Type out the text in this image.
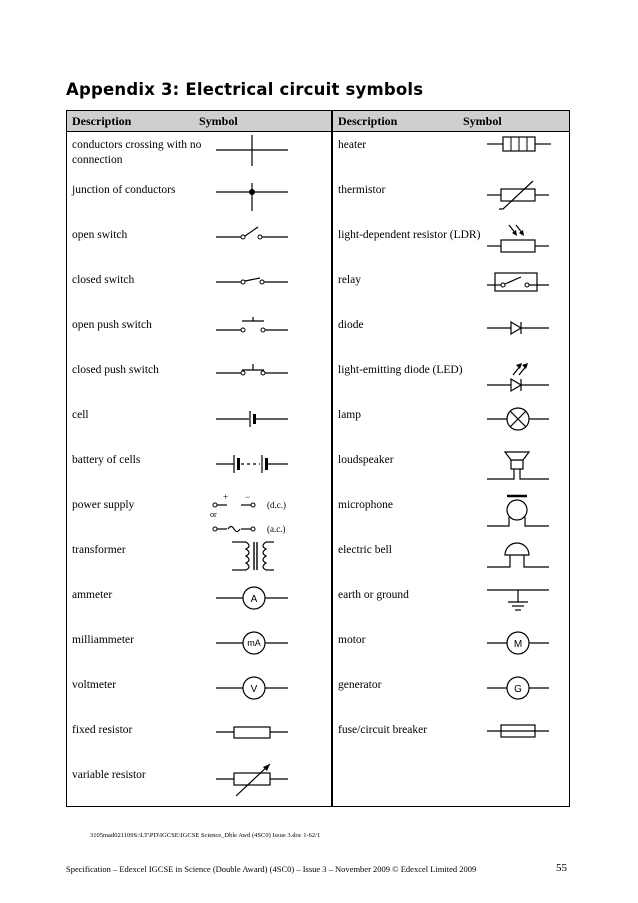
Appendix 3: Electrical circuit symbols
Description	Symbol
conductors crossing with no connection
junction of conductors
open switch
closed switch
open push switch
closed push switch
cell
battery of cells
power supply
+ −
(d.c.)
or
(a.c.)
transformer
ammeter	A
milliammeter	mA
voltmeter	V
fixed resistor
variable resistor
Description	Symbol
heater
thermistor
light-dependent resistor (LDR)
relay
diode
light-emitting diode (LED)
lamp
loudspeaker
microphone
electric bell
earth or ground
motor	M
generator	G
fuse/circuit breaker
3105mad021109S:\LT\PD\IGCSE\IGCSE Science_Dble Awd (4SC0) Issue 3.doc 1-62/1
Specification – Edexcel IGCSE in Science (Double Award) (4SC0) – Issue 3 – November 2009 © Edexcel Limited 2009	55
